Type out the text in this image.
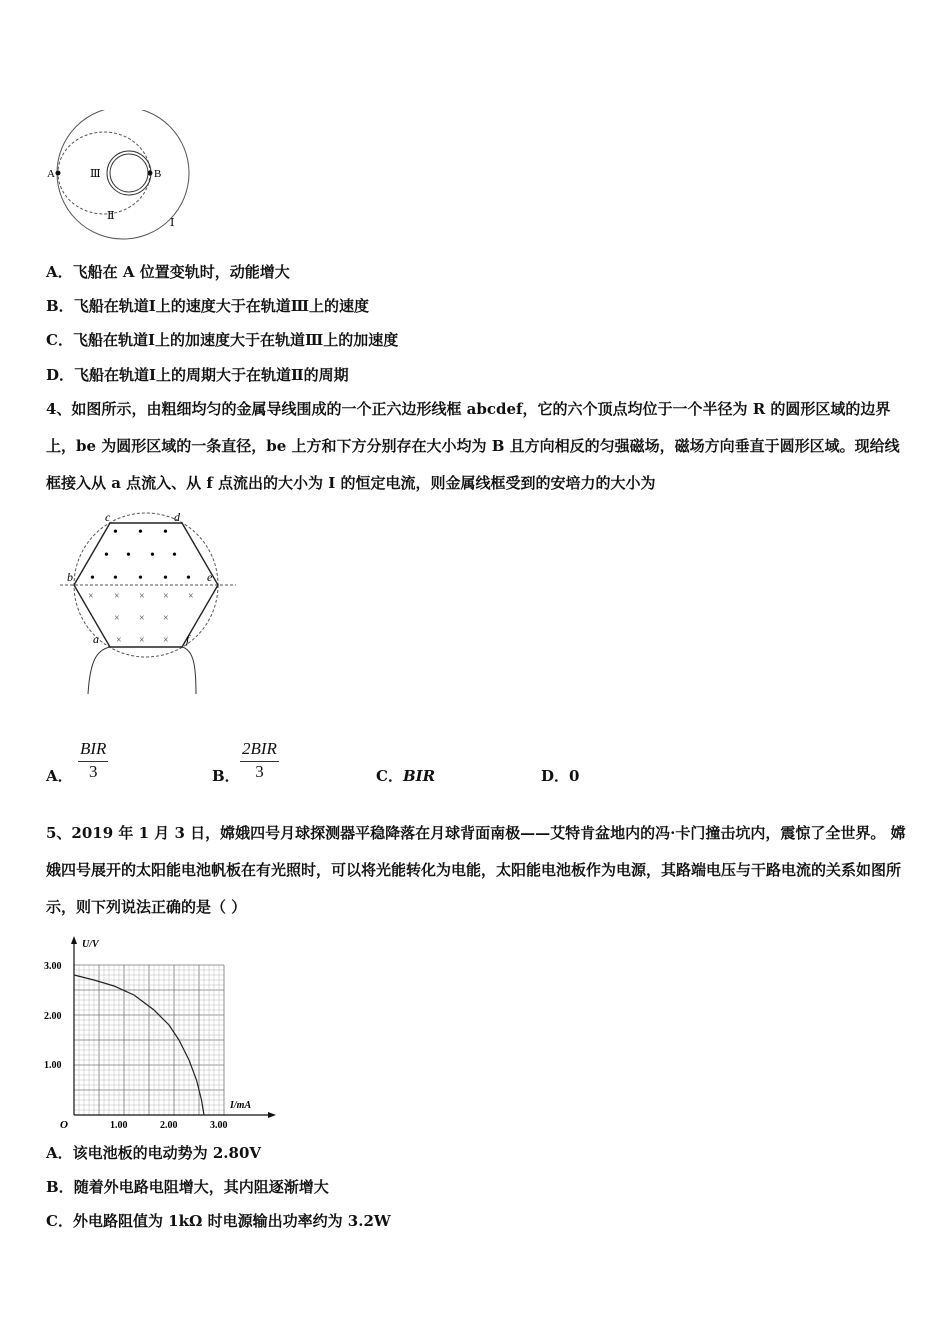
A	B
Ⅲ
Ⅱ
Ⅰ
A．飞船在 A 位置变轨时，动能增大
B．飞船在轨道Ⅰ上的速度大于在轨道Ⅲ上的速度
C．飞船在轨道Ⅰ上的加速度大于在轨道Ⅲ上的加速度
D．飞船在轨道Ⅰ上的周期大于在轨道Ⅱ的周期
4、如图所示，由粗细均匀的金属导线围成的一个正六边形线框 abcdef，它的六个顶点均位于一个半径为 R 的圆形区域的边界上，be 为圆形区域的一条直径，be 上方和下方分别存在大小均为 B 且方向相反的匀强磁场，磁场方向垂直于圆形区域。现给线框接入从 a 点流入、从 f 点流出的大小为 I 的恒定电流，则金属线框受到的安培力的大小为
• • •
• • • •
• • • • •
× × × × ×
× × ×
× × ×
a
b
c	d
e
f
A．
BIR
3	B．
2BIR
3	C．BIR	D．0
5、2019 年 1 月 3 日，嫦娥四号月球探测器平稳降落在月球背面南极——艾特肯盆地内的冯·卡门撞击坑内，震惊了全世界。 嫦娥四号展开的太阳能电池帆板在有光照时，可以将光能转化为电能，太阳能电池板作为电源，其路端电压与干路电流的关系如图所示，则下列说法正确的是（ ）
U/V
I/mA
O
3.00
2.00
1.00
1.00	2.00	3.00
A．该电池板的电动势为 2.80V
B．随着外电路电阻增大，其内阻逐渐增大
C．外电路阻值为 1kΩ 时电源输出功率约为 3.2W
